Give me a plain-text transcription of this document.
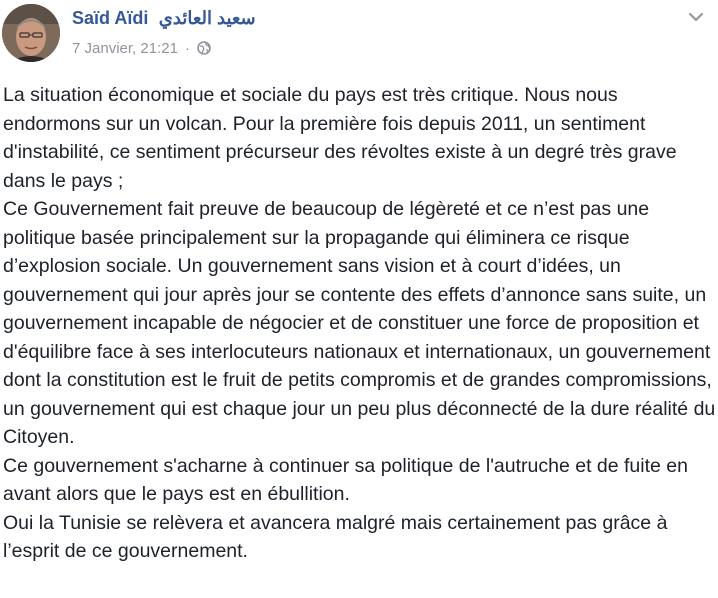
Saïd Aïdi سعيد العائدي
7 Janvier, 21:21 ·

La situation économique et sociale du pays est très critique. Nous nous endormons sur un volcan. Pour la première fois depuis 2011, un sentiment d'instabilité, ce sentiment précurseur des révoltes existe à un degré très grave dans le pays ;

Ce Gouvernement fait preuve de beaucoup de légèreté et ce n’est pas une politique basée principalement sur la propagande qui éliminera ce risque d’explosion sociale. Un gouvernement sans vision et à court d’idées, un gouvernement qui jour après jour se contente des effets d’annonce sans suite, un gouvernement incapable de négocier et de constituer une force de proposition et d'équilibre face à ses interlocuteurs nationaux et internationaux, un gouvernement dont la constitution est le fruit de petits compromis et de grandes compromissions, un gouvernement qui est chaque jour un peu plus déconnecté de la dure réalité du Citoyen.

Ce gouvernement s'acharne à continuer sa politique de l'autruche et de fuite en avant alors que le pays est en ébullition.

Oui la Tunisie se relèvera et avancera malgré mais certainement pas grâce à l’esprit de ce gouvernement.
